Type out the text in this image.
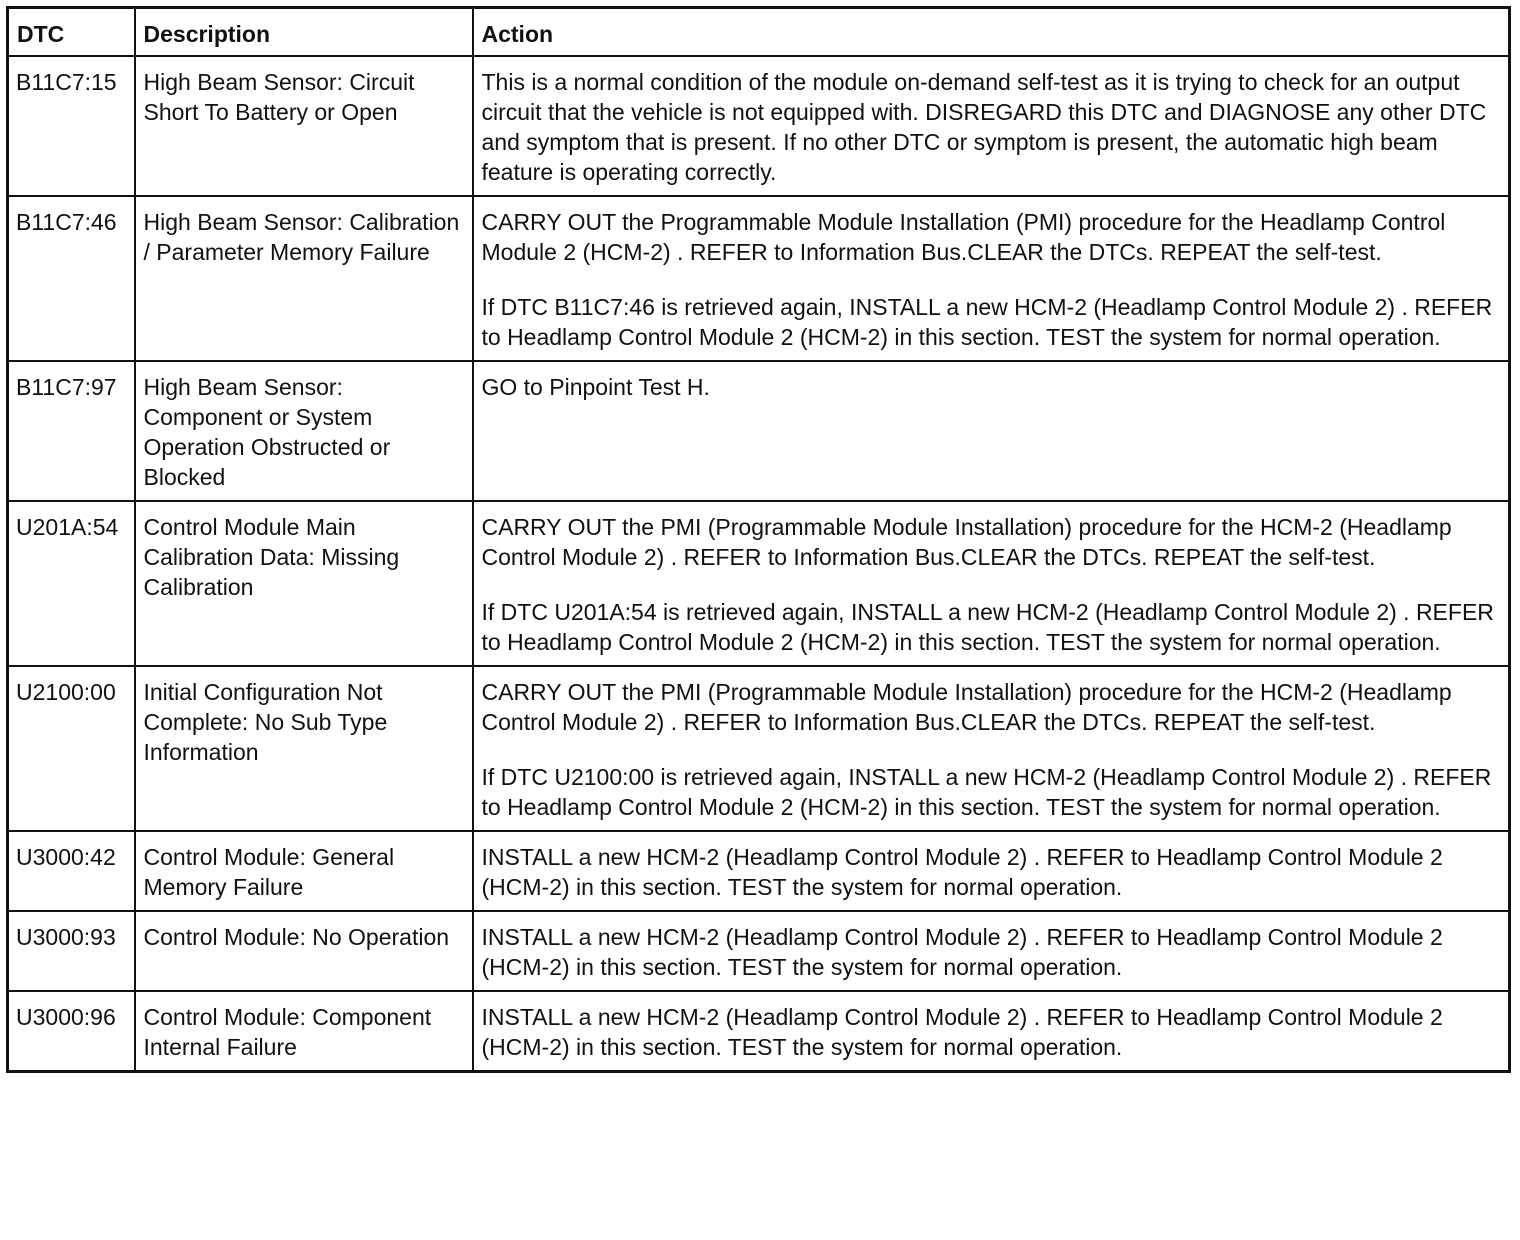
DTC	Description	Action
B11C7:15	High Beam Sensor: Circuit Short To Battery or Open	This is a normal condition of the module on-demand self-test as it is trying to check for an output circuit that the vehicle is not equipped with. DISREGARD this DTC and DIAGNOSE any other DTC and symptom that is present. If no other DTC or symptom is present, the automatic high beam feature is operating correctly.

B11C7:46	High Beam Sensor: Calibration / Parameter Memory Failure	CARRY OUT the Programmable Module Installation (PMI) procedure for the Headlamp Control Module 2 (HCM-2) . REFER to Information Bus.CLEAR the DTCs. REPEAT the self-test.

If DTC B11C7:46 is retrieved again, INSTALL a new HCM-2 (Headlamp Control Module 2) . REFER to Headlamp Control Module 2 (HCM-2) in this section. TEST the system for normal operation.

B11C7:97	High Beam Sensor: Component or System Operation Obstructed or Blocked	GO to Pinpoint Test H.

U201A:54	Control Module Main Calibration Data: Missing Calibration	CARRY OUT the PMI (Programmable Module Installation) procedure for the HCM-2 (Headlamp Control Module 2) . REFER to Information Bus.CLEAR the DTCs. REPEAT the self-test.

If DTC U201A:54 is retrieved again, INSTALL a new HCM-2 (Headlamp Control Module 2) . REFER to Headlamp Control Module 2 (HCM-2) in this section. TEST the system for normal operation.

U2100:00	Initial Configuration Not Complete: No Sub Type Information	CARRY OUT the PMI (Programmable Module Installation) procedure for the HCM-2 (Headlamp Control Module 2) . REFER to Information Bus.CLEAR the DTCs. REPEAT the self-test.

If DTC U2100:00 is retrieved again, INSTALL a new HCM-2 (Headlamp Control Module 2) . REFER to Headlamp Control Module 2 (HCM-2) in this section. TEST the system for normal operation.

U3000:42	Control Module: General Memory Failure	INSTALL a new HCM-2 (Headlamp Control Module 2) . REFER to Headlamp Control Module 2 (HCM-2) in this section. TEST the system for normal operation.

U3000:93	Control Module: No Operation	INSTALL a new HCM-2 (Headlamp Control Module 2) . REFER to Headlamp Control Module 2 (HCM-2) in this section. TEST the system for normal operation.

U3000:96	Control Module: Component Internal Failure	INSTALL a new HCM-2 (Headlamp Control Module 2) . REFER to Headlamp Control Module 2 (HCM-2) in this section. TEST the system for normal operation.
